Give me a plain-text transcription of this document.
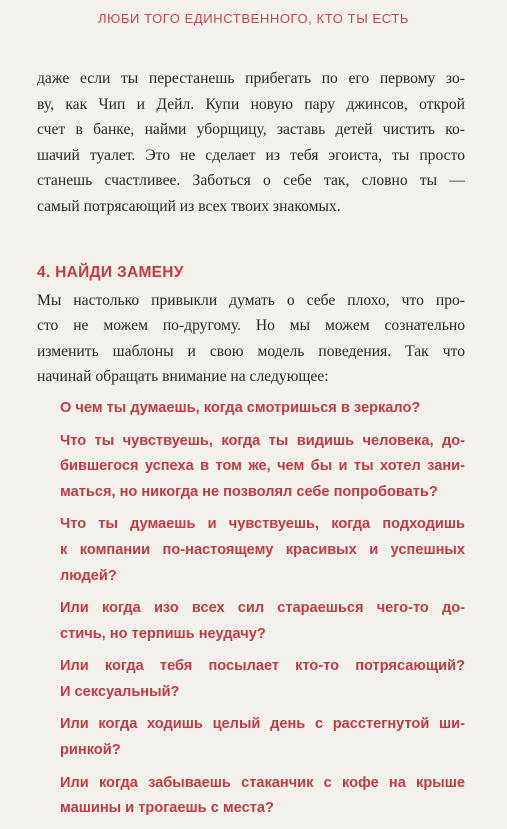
ЛЮБИ ТОГО ЕДИНСТВЕННОГО, КТО ТЫ ЕСТЬ

даже если ты перестанешь прибегать по его первому зо-
ву, как Чип и Дейл. Купи новую пару джинсов, открой
счет в банке, найми уборщицу, заставь детей чистить ко-
шачий туалет. Это не сделает из тебя эгоиста, ты просто
станешь счастливее. Заботься о себе так, словно ты —
самый потрясающий из всех твоих знакомых.

4. НАЙДИ ЗАМЕНУ

Мы настолько привыкли думать о себе плохо, что про-
сто не можем по-другому. Но мы можем сознательно
изменить шаблоны и свою модель поведения. Так что
начинай обращать внимание на следующее:

О чем ты думаешь, когда смотришься в зеркало?
Что ты чувствуешь, когда ты видишь человека, до-
бившегося успеха в том же, чем бы и ты хотел зани-
маться, но никогда не позволял себе попробовать?
Что ты думаешь и чувствуешь, когда подходишь
к компании по-настоящему красивых и успешных
людей?
Или когда изо всех сил стараешься чего-то до-
стичь, но терпишь неудачу?
Или когда тебя посылает кто-то потрясающий?
И сексуальный?
Или когда ходишь целый день с расстегнутой ши-
ринкой?
Или когда забываешь стаканчик с кофе на крыше
машины и трогаешь с места?
